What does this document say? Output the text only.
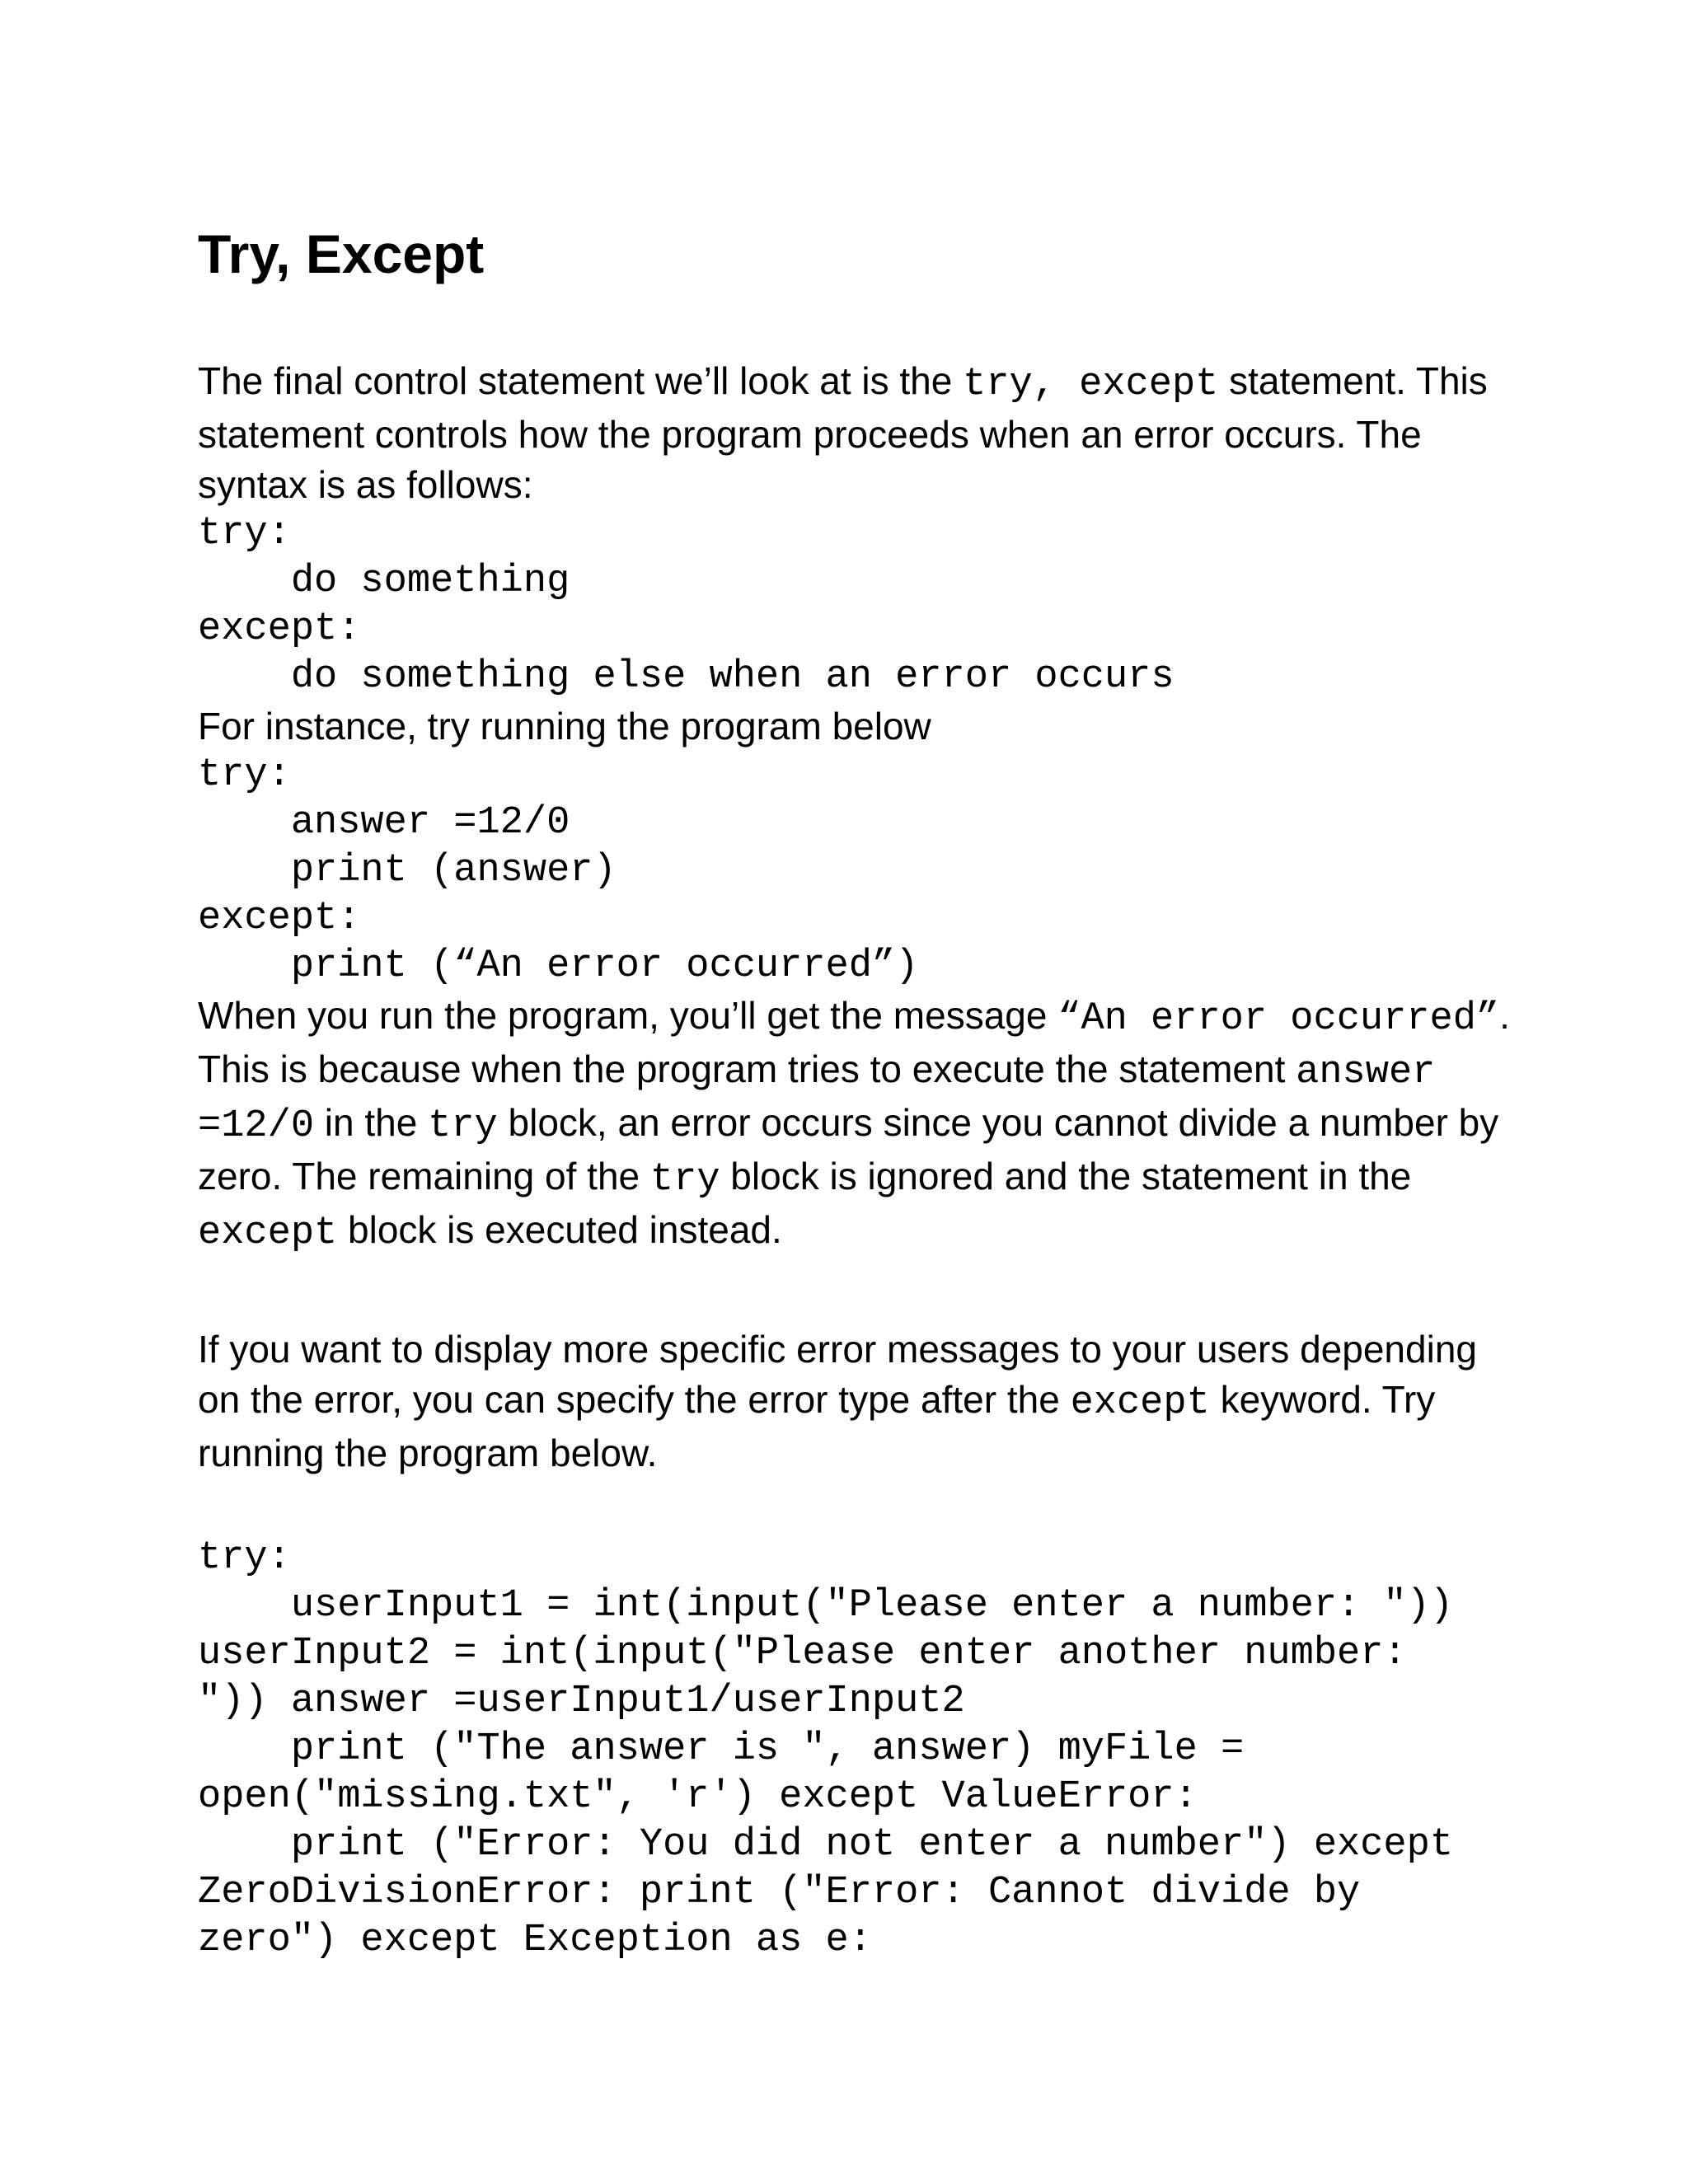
Try, Except

The final control statement we’ll look at is the try, except statement. This statement controls how the program proceeds when an error occurs. The syntax is as follows:

try:
do something
except:
do something else when an error occurs

For instance, try running the program below

try:
answer =12/0
print (answer)
except:
print (“An error occurred”)

When you run the program, you’ll get the message “An error occurred”. This is because when the program tries to execute the statement answer =12/0 in the try block, an error occurs since you cannot divide a number by zero. The remaining of the try block is ignored and the statement in the except block is executed instead.

If you want to display more specific error messages to your users depending on the error, you can specify the error type after the except keyword. Try running the program below.

try:
userInput1 = int(input("Please enter a number: "))
userInput2 = int(input("Please enter another number:
")) answer =userInput1/userInput2
print ("The answer is ", answer) myFile =
open("missing.txt", 'r') except ValueError:
print ("Error: You did not enter a number") except
ZeroDivisionError: print ("Error: Cannot divide by
zero") except Exception as e:
